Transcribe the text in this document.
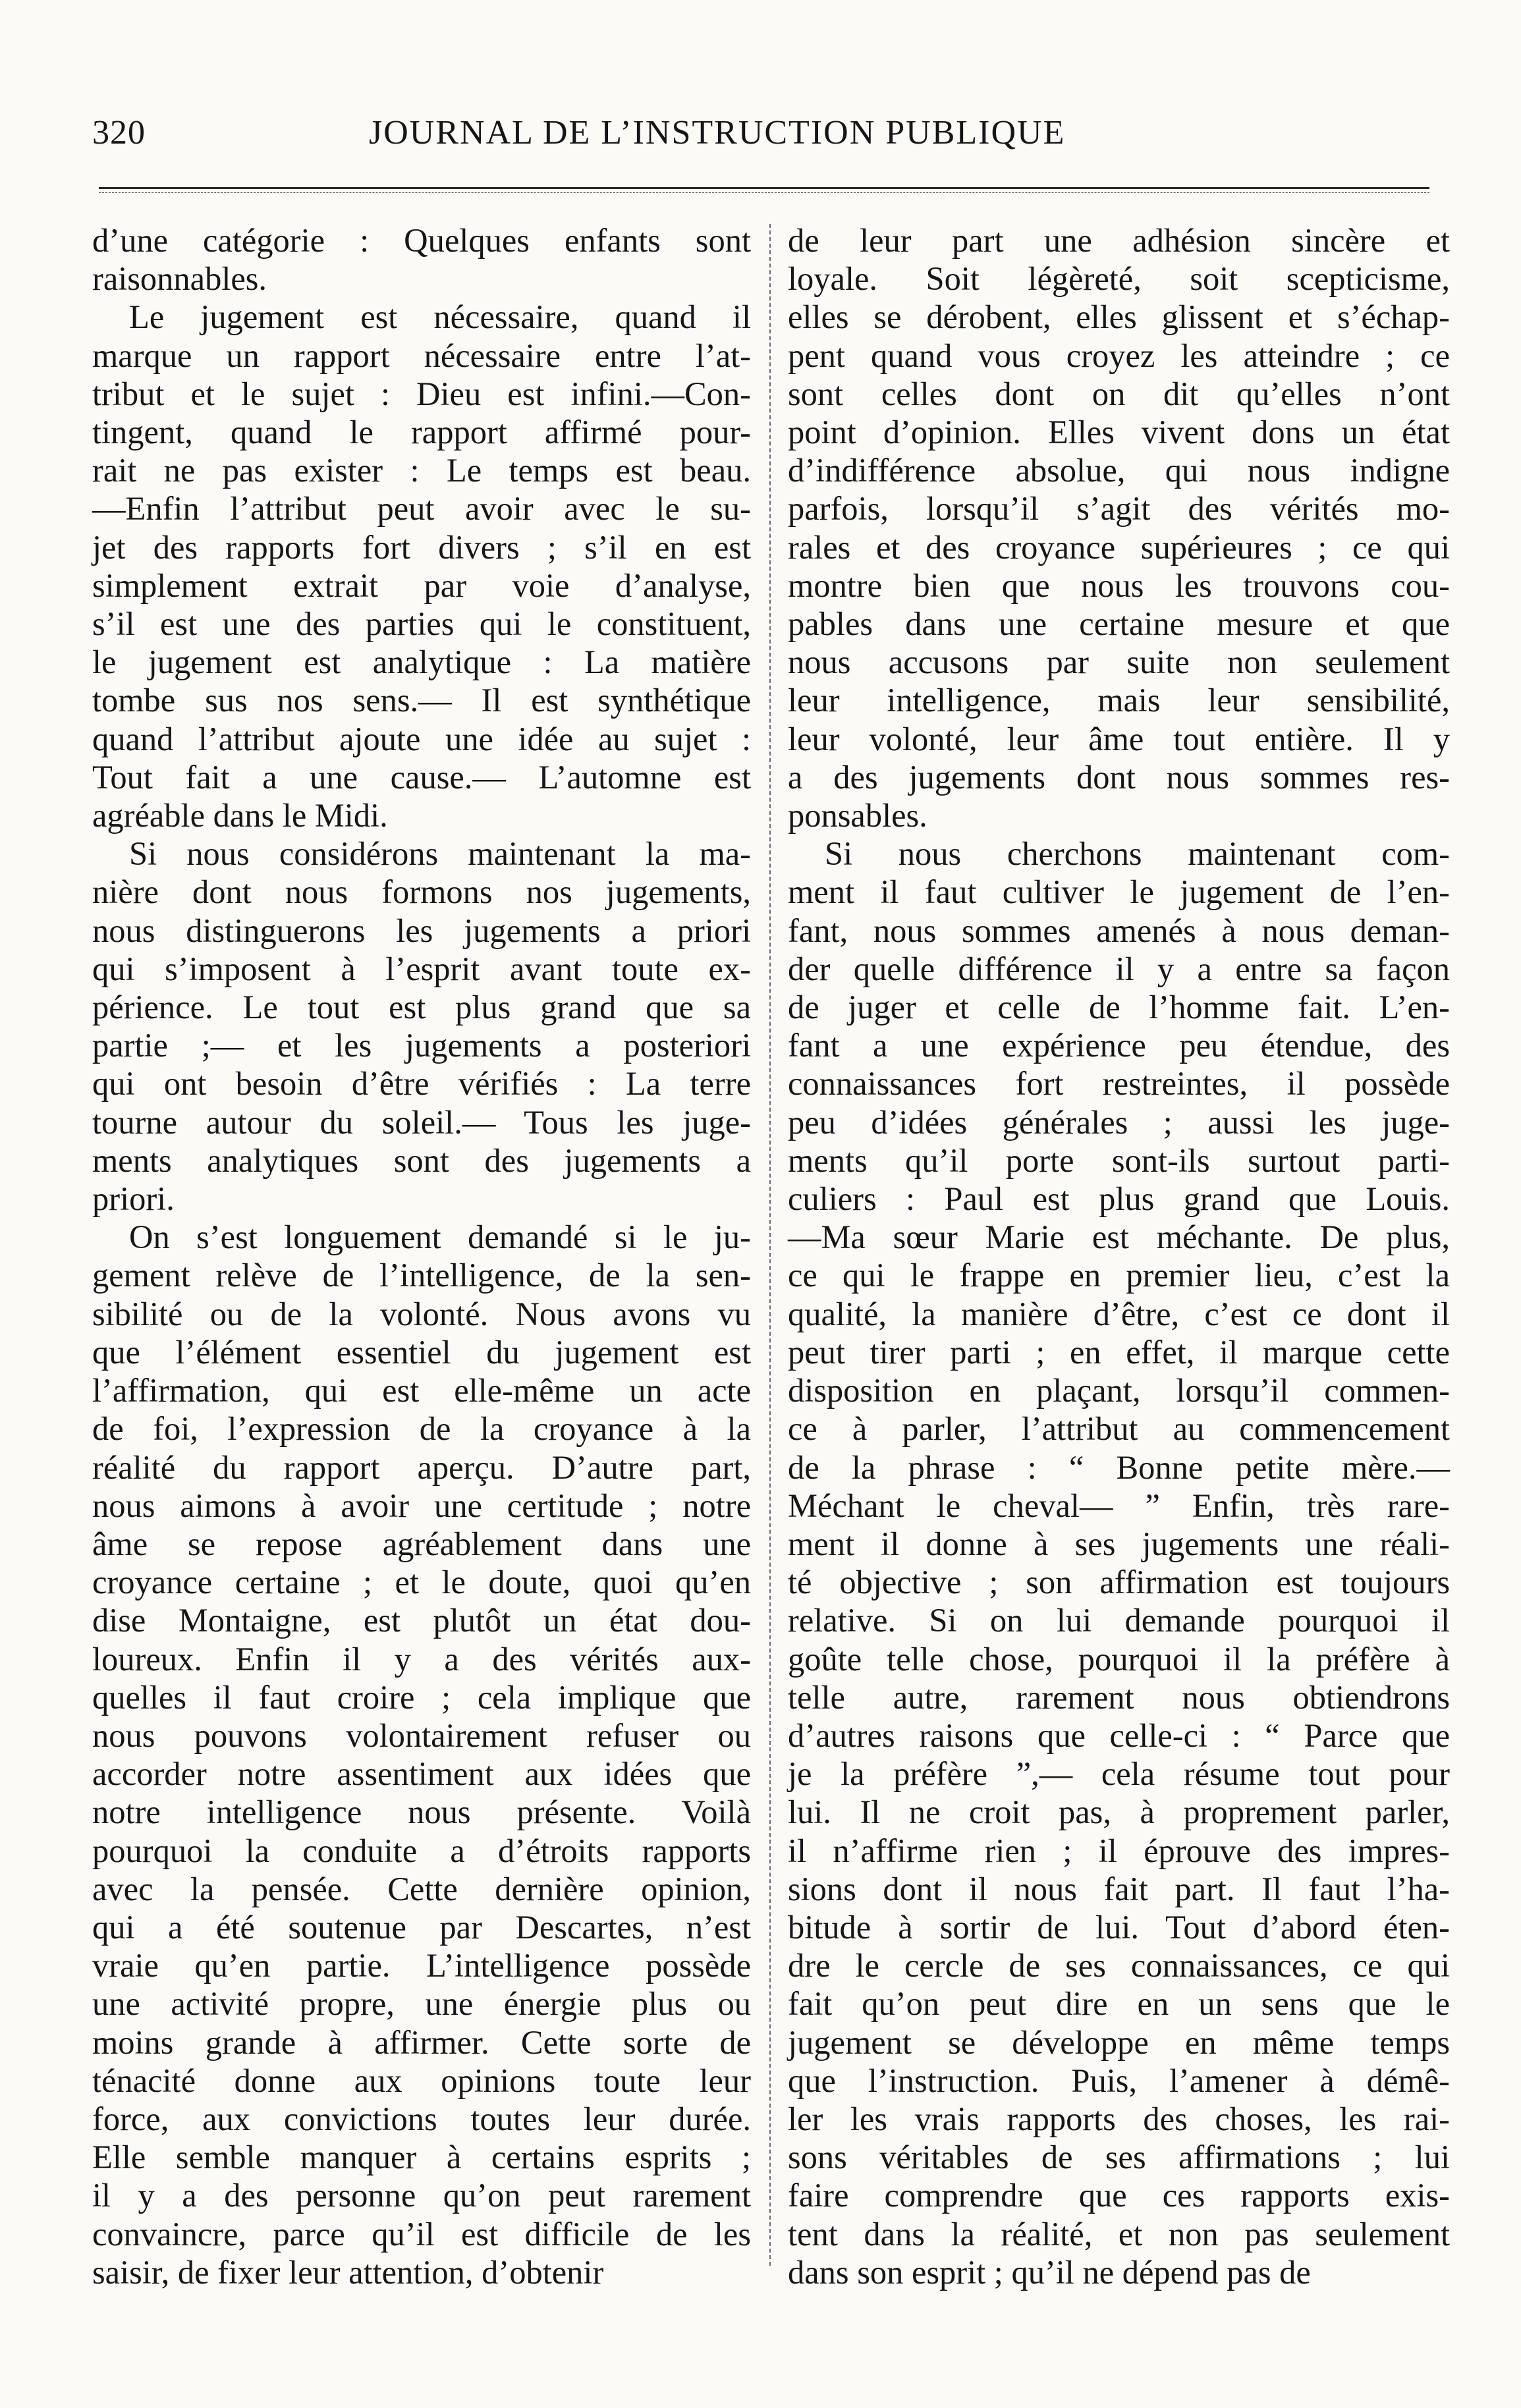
320	JOURNAL DE L’INSTRUCTION PUBLIQUE
d’une catégorie : Quelques enfants sont
raisonnables.
Le jugement est nécessaire, quand il
marque un rapport nécessaire entre l’at-
tribut et le sujet : Dieu est infini.—Con-
tingent, quand le rapport affirmé pour-
rait ne pas exister : Le temps est beau.
—Enfin l’attribut peut avoir avec le su-
jet des rapports fort divers ; s’il en est
simplement extrait par voie d’analyse,
s’il est une des parties qui le constituent,
le jugement est analytique : La matière
tombe sus nos sens.— Il est synthétique
quand l’attribut ajoute une idée au sujet :
Tout fait a une cause.— L’automne est
agréable dans le Midi.
Si nous considérons maintenant la ma-
nière dont nous formons nos jugements,
nous distinguerons les jugements a priori
qui s’imposent à l’esprit avant toute ex-
périence. Le tout est plus grand que sa
partie ;— et les jugements a posteriori
qui ont besoin d’être vérifiés : La terre
tourne autour du soleil.— Tous les juge-
ments analytiques sont des jugements a
priori.
On s’est longuement demandé si le ju-
gement relève de l’intelligence, de la sen-
sibilité ou de la volonté. Nous avons vu
que l’élément essentiel du jugement est
l’affirmation, qui est elle-même un acte
de foi, l’expression de la croyance à la
réalité du rapport aperçu. D’autre part,
nous aimons à avoir une certitude ; notre
âme se repose agréablement dans une
croyance certaine ; et le doute, quoi qu’en
dise Montaigne, est plutôt un état dou-
loureux. Enfin il y a des vérités aux-
quelles il faut croire ; cela implique que
nous pouvons volontairement refuser ou
accorder notre assentiment aux idées que
notre intelligence nous présente. Voilà
pourquoi la conduite a d’étroits rapports
avec la pensée. Cette dernière opinion,
qui a été soutenue par Descartes, n’est
vraie qu’en partie. L’intelligence possède
une activité propre, une énergie plus ou
moins grande à affirmer. Cette sorte de
ténacité donne aux opinions toute leur
force, aux convictions toutes leur durée.
Elle semble manquer à certains esprits ;
il y a des personne qu’on peut rarement
convaincre, parce qu’il est difficile de les
saisir, de fixer leur attention, d’obtenir
de leur part une adhésion sincère et
loyale. Soit légèreté, soit scepticisme,
elles se dérobent, elles glissent et s’échap-
pent quand vous croyez les atteindre ; ce
sont celles dont on dit qu’elles n’ont
point d’opinion. Elles vivent dons un état
d’indifférence absolue, qui nous indigne
parfois, lorsqu’il s’agit des vérités mo-
rales et des croyance supérieures ; ce qui
montre bien que nous les trouvons cou-
pables dans une certaine mesure et que
nous accusons par suite non seulement
leur intelligence, mais leur sensibilité,
leur volonté, leur âme tout entière. Il y
a des jugements dont nous sommes res-
ponsables.
Si nous cherchons maintenant com-
ment il faut cultiver le jugement de l’en-
fant, nous sommes amenés à nous deman-
der quelle différence il y a entre sa façon
de juger et celle de l’homme fait. L’en-
fant a une expérience peu étendue, des
connaissances fort restreintes, il possède
peu d’idées générales ; aussi les juge-
ments qu’il porte sont-ils surtout parti-
culiers : Paul est plus grand que Louis.
—Ma sœur Marie est méchante. De plus,
ce qui le frappe en premier lieu, c’est la
qualité, la manière d’être, c’est ce dont il
peut tirer parti ; en effet, il marque cette
disposition en plaçant, lorsqu’il commen-
ce à parler, l’attribut au commencement
de la phrase : “ Bonne petite mère.—
Méchant le cheval— ” Enfin, très rare-
ment il donne à ses jugements une réali-
té objective ; son affirmation est toujours
relative. Si on lui demande pourquoi il
goûte telle chose, pourquoi il la préfère à
telle autre, rarement nous obtiendrons
d’autres raisons que celle-ci : “ Parce que
je la préfère ”,— cela résume tout pour
lui. Il ne croit pas, à proprement parler,
il n’affirme rien ; il éprouve des impres-
sions dont il nous fait part. Il faut l’ha-
bitude à sortir de lui. Tout d’abord éten-
dre le cercle de ses connaissances, ce qui
fait qu’on peut dire en un sens que le
jugement se développe en même temps
que l’instruction. Puis, l’amener à démê-
ler les vrais rapports des choses, les rai-
sons véritables de ses affirmations ; lui
faire comprendre que ces rapports exis-
tent dans la réalité, et non pas seulement
dans son esprit ; qu’il ne dépend pas de
